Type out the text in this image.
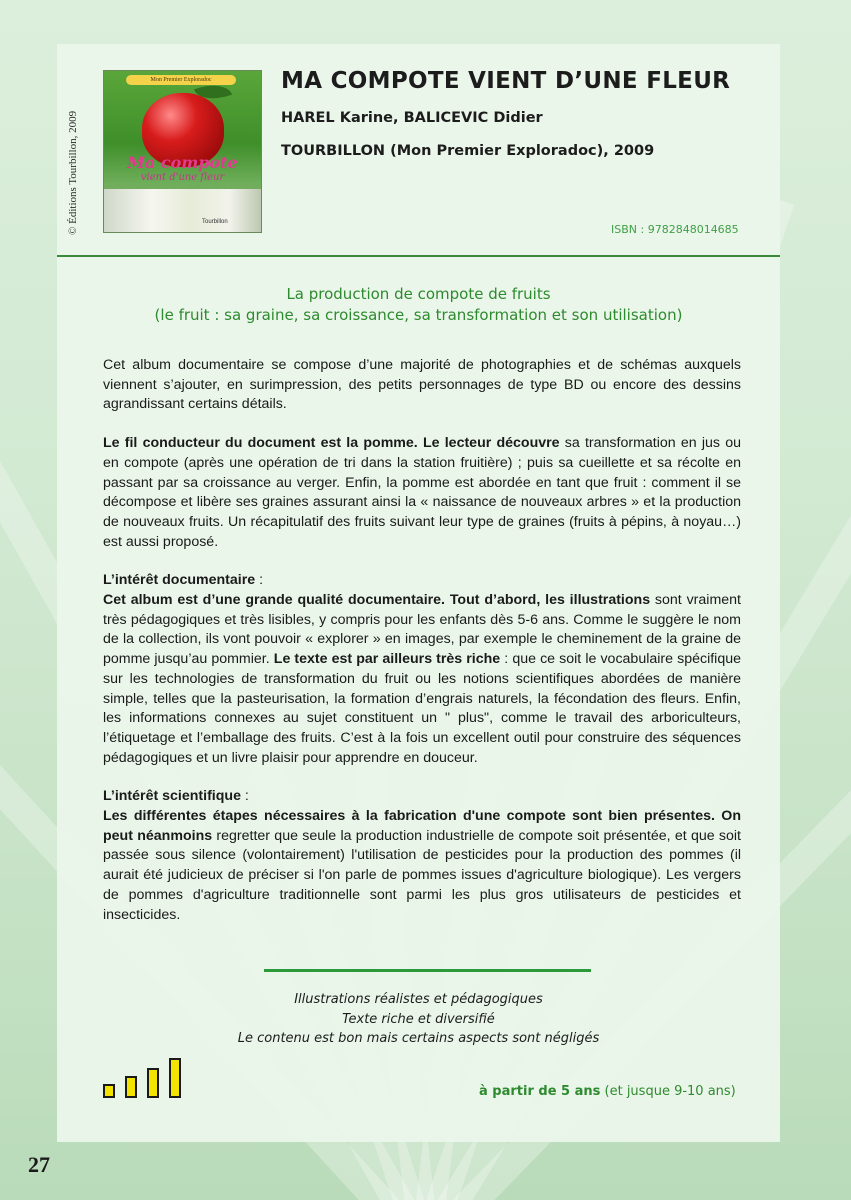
© Éditions Tourbillon, 2009
Mon Premier Exploradoc
Ma compote
vient d'une fleur
Tourbillon
MA COMPOTE VIENT D’UNE FLEUR
HAREL Karine, BALICEVIC Didier
TOURBILLON (Mon Premier Exploradoc), 2009
ISBN : 9782848014685
La production de compote de fruits
(le fruit : sa graine, sa croissance, sa transformation et son utilisation)

Cet album documentaire se compose d’une majorité de photographies et de schémas auxquels viennent s’ajouter, en surimpression, des petits personnages de type BD ou encore des dessins agrandissant certains détails.

Le fil conducteur du document est la pomme. Le lecteur découvre sa transformation en jus ou en compote (après une opération de tri dans la station fruitière) ; puis sa cueillette et sa récolte en passant par sa croissance au verger. Enfin, la pomme est abordée en tant que fruit : comment il se décompose et libère ses graines assurant ainsi la « naissance de nouveaux arbres » et la production de nouveaux fruits. Un récapitulatif des fruits suivant leur type de graines (fruits à pépins, à noyau…) est aussi proposé.

L’intérêt documentaire :
Cet album est d’une grande qualité documentaire. Tout d’abord, les illustrations sont vraiment très pédagogiques et très lisibles, y compris pour les enfants dès 5-6 ans. Comme le suggère le nom de la collection, ils vont pouvoir « explorer » en images, par exemple le cheminement de la graine de pomme jusqu’au pommier. Le texte est par ailleurs très riche : que ce soit le vocabulaire spécifique sur les technologies de transformation du fruit ou les notions scientifiques abordées de manière simple, telles que la pasteurisation, la formation d’engrais naturels, la fécondation des fleurs. Enfin, les informations connexes au sujet constituent un " plus", comme le travail des arboriculteurs, l’étiquetage et l’emballage des fruits. C’est à la fois un excellent outil pour construire des séquences pédagogiques et un livre plaisir pour apprendre en douceur.

L’intérêt scientifique :
Les différentes étapes nécessaires à la fabrication d'une compote sont bien présentes. On peut néanmoins regretter que seule la production industrielle de compote soit présentée, et que soit passée sous silence (volontairement) l'utilisation de pesticides pour la production des pommes (il aurait été judicieux de préciser si l'on parle de pommes issues d'agriculture biologique). Les vergers de pommes d'agriculture traditionnelle sont parmi les plus gros utilisateurs de pesticides et insecticides.

Illustrations réalistes et pédagogiques
Texte riche et diversifié
Le contenu est bon mais certains aspects sont négligés
à partir de 5 ans (et jusque 9-10 ans)
27
